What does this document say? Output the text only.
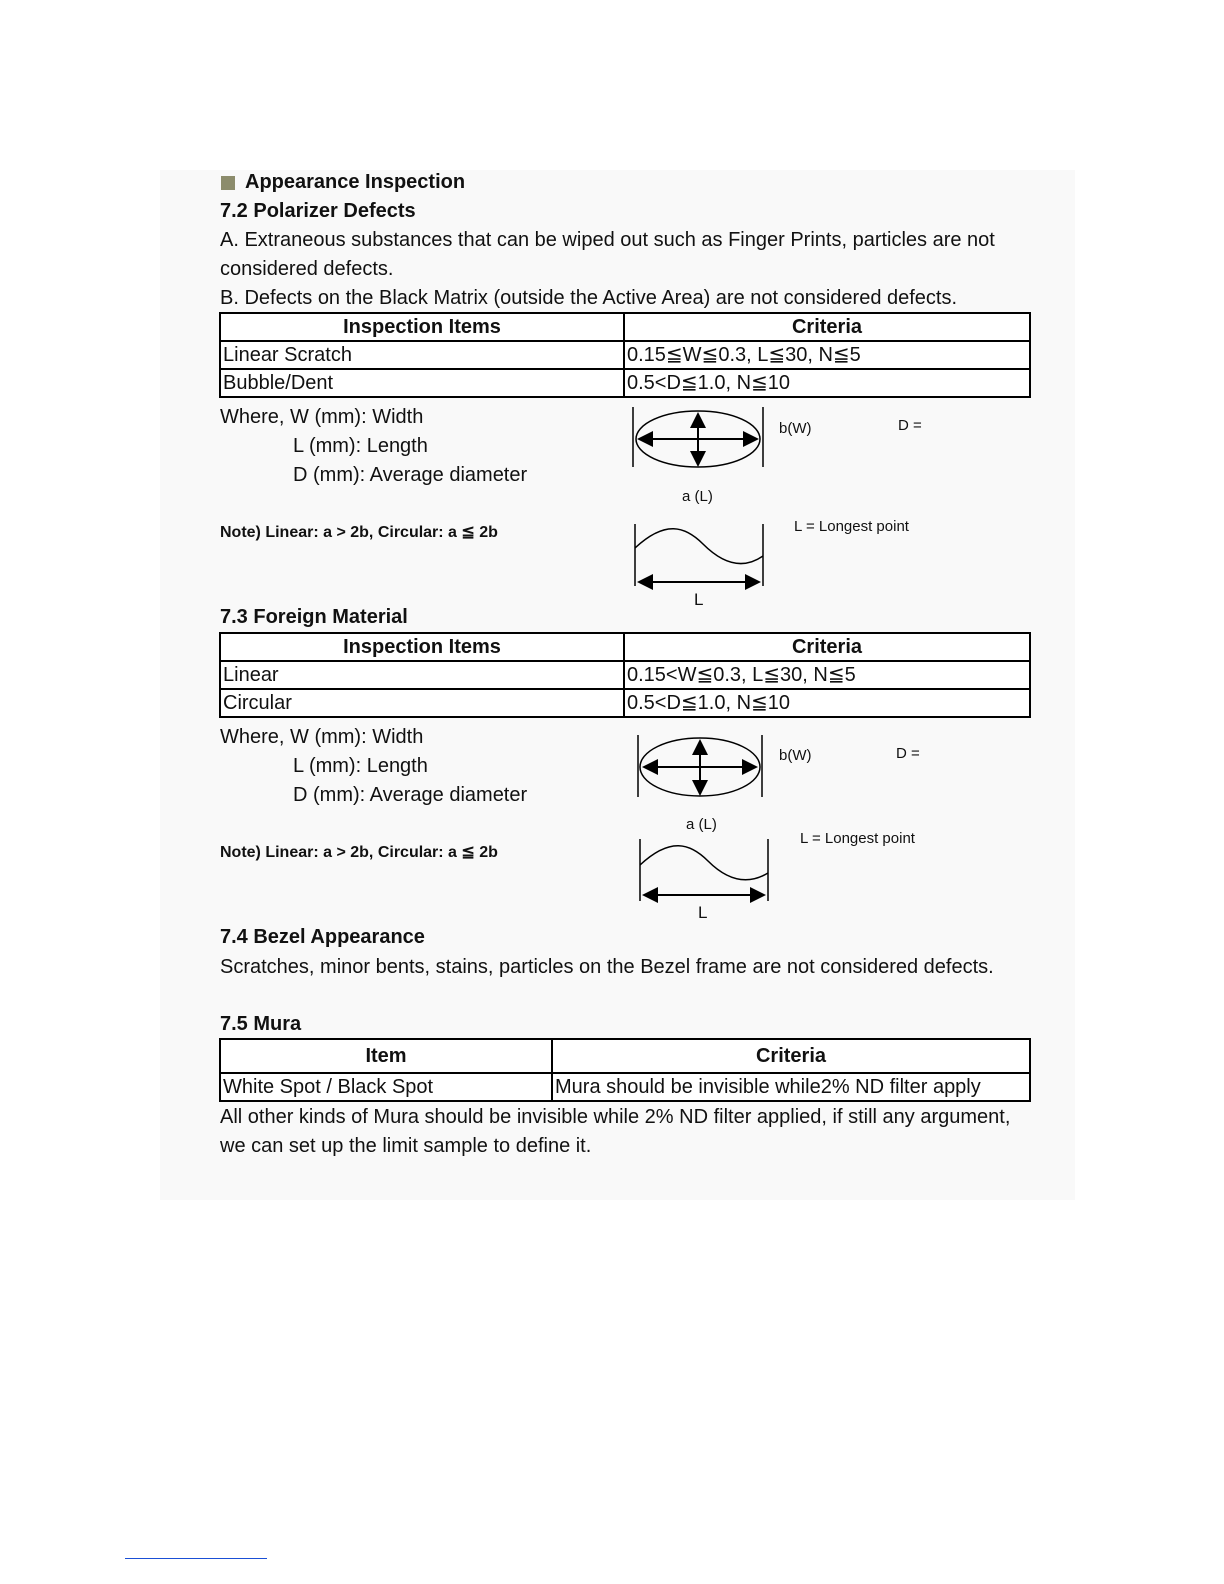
Appearance Inspection
7.2 Polarizer Defects
A. Extraneous substances that can be wiped out such as Finger Prints, particles are not
considered defects.
B. Defects on the Black Matrix (outside the Active Area) are not considered defects.
Inspection Items	Criteria
Linear Scratch	0.15≦W≦0.3, L≦30, N≦5
Bubble/Dent	0.5<D≦1.0, N≦10
Where, W (mm): Width
L (mm): Length
D (mm): Average diameter
Note) Linear: a > 2b, Circular: a ≦ 2b
b(W)	D =
a (L)
L = Longest point
L
7.3 Foreign Material
Inspection Items	Criteria
Linear	0.15<W≦0.3, L≦30, N≦5
Circular	0.5<D≦1.0, N≦10
Where, W (mm): Width
L (mm): Length
D (mm): Average diameter
Note) Linear: a > 2b, Circular: a ≦ 2b
b(W)	D =
a (L)
L = Longest point
L
7.4 Bezel Appearance
Scratches, minor bents, stains, particles on the Bezel frame are not considered defects.
7.5 Mura
Item	Criteria
White Spot / Black Spot	Mura should be invisible while2% ND filter apply
All other kinds of Mura should be invisible while 2% ND filter applied, if still any argument,
we can set up the limit sample to define it.
